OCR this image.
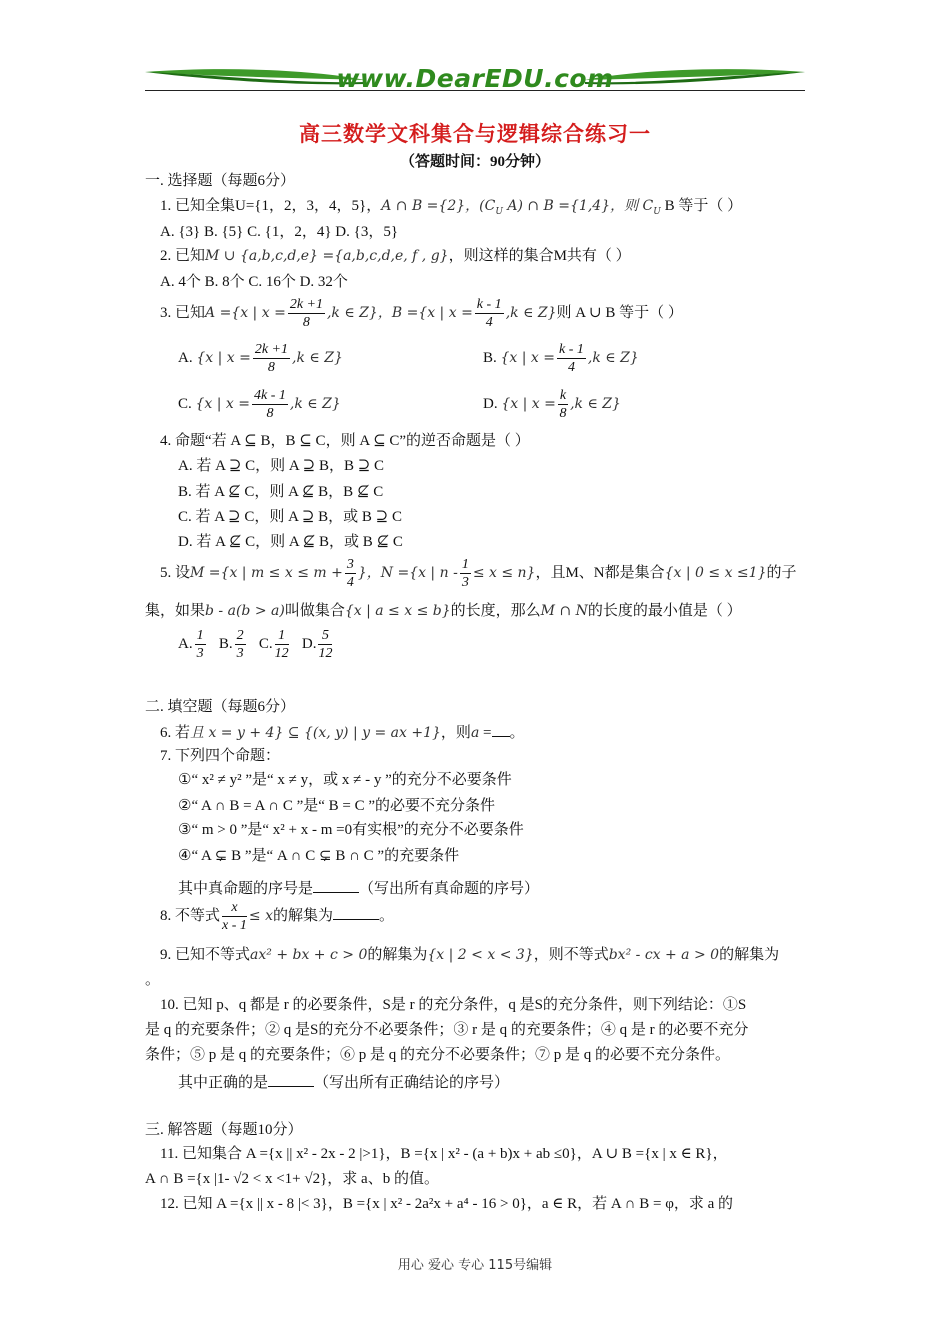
www.DearEDU.com
高三数学文科集合与逻辑综合练习一
（答题时间：90分钟）
一. 选择题（每题6分）
1. 已知全集U={1，2，3，4，5}，A ∩ B ={2}，($C_U$ A) ∩ B ={1,4}，则 $C_U$ B 等于（ ）
A. {3} B. {5} C. {1，2，4} D. {3，5}
2. 已知M ∪ {a,b,c,d,e} ={a,b,c,d,e, f , g}，则这样的集合M共有（ ）
A. 4个 B. 8个 C. 16个 D. 32个
3. 已知A ={x | $x = \frac{2k +1}{8} ,k$ ∈ Z}，B ={x | $x = \frac{k - 1}{4} ,k$ ∈ Z}则 A ∪ B 等于（ ）
A. {x | $x = \frac{2k +1}{8} ,k$ ∈ Z}	B. {x | $x = \frac{k - 1}{4} ,k$ ∈ Z}
C. {x | $x = \frac{4k - 1}{8} ,k$ ∈ Z}	D. {x | $x = \frac{k}{8} ,k$ ∈ Z}
4. 命题“若 A ⊆ B，B ⊆ C，则 A ⊆ C”的逆否命题是（ ）
A. 若 A ⊇ C，则 A ⊇ B，B ⊇ C
B. 若 A ⊈ C，则 A ⊈ B，B ⊈ C
C. 若 A ⊇ C，则 A ⊇ B，或 B ⊇ C
D. 若 A ⊈ C，则 A ⊈ B，或 B ⊈ C
5. 设M ={x | $m \le x \le m + \frac{3}{4}$ }，N ={x | $n - \frac{1}{3} \le x \le n$}，且M、N都是集合{x | 0 ≤ x ≤1}的子
集，如果b - a(b > a)叫做集合{x | a ≤ x ≤ b}的长度，那么M ∩ N的长度的最小值是（ ）
A. $\frac{1}{3} B$. $\frac{2}{3} C$. $\frac{1}{12} D$. $\frac{5}{12}$
二. 填空题（每题6分）
6. 若且 x = y + 4} ⊆ {(x, y) | y = ax +1}，则a = 。
7. 下列四个命题：
①“ x² ≠ y² ”是“ x ≠ y，或 x ≠ - y ”的充分不必要条件
②“ A ∩ B = A ∩ C ”是“ B = C ”的必要不充分条件
③“ m > 0 ”是“ x² + x - m =0有实根”的充分不必要条件
④“ A ⊊ B ”是“ A ∩ C ⊊ B ∩ C ”的充要条件
其中真命题的序号是	（写出所有真命题的序号）
8. 不等式 $\frac{x}{x - 1} \le x$的解集为	。
9. 已知不等式ax² + bx + c > 0的解集为{x | 2 < x < 3}，则不等式bx² - cx + a > 0的解集为
。
10. 已知 p、q 都是 r 的必要条件，S是 r 的充分条件，q 是S的充分条件，则下列结论：①S
是 q 的充要条件；② q 是S的充分不必要条件；③ r 是 q 的充要条件；④ q 是 r 的必要不充分
条件；⑤ p 是 q 的充要条件；⑥ p 是 q 的充分不必要条件；⑦ p 是 q 的必要不充分条件。
其中正确的是	（写出所有正确结论的序号）
三. 解答题（每题10分）
11. 已知集合 A ={x || x² - 2x - 2 |>1}，B ={x | x² - (a + b)x + ab ≤0}，A ∪ B ={x | x ∈ R}，
A ∩ B ={x |1- √2 < x <1+ √2}，求 a、b 的值。
12. 已知 A ={x || x - 8 |< 3}，B ={x | x² - 2a²x + a⁴ - 16 > 0}，a ∈ R，若 A ∩ B = φ，求 a 的
用心 爱心 专心 115号编辑
